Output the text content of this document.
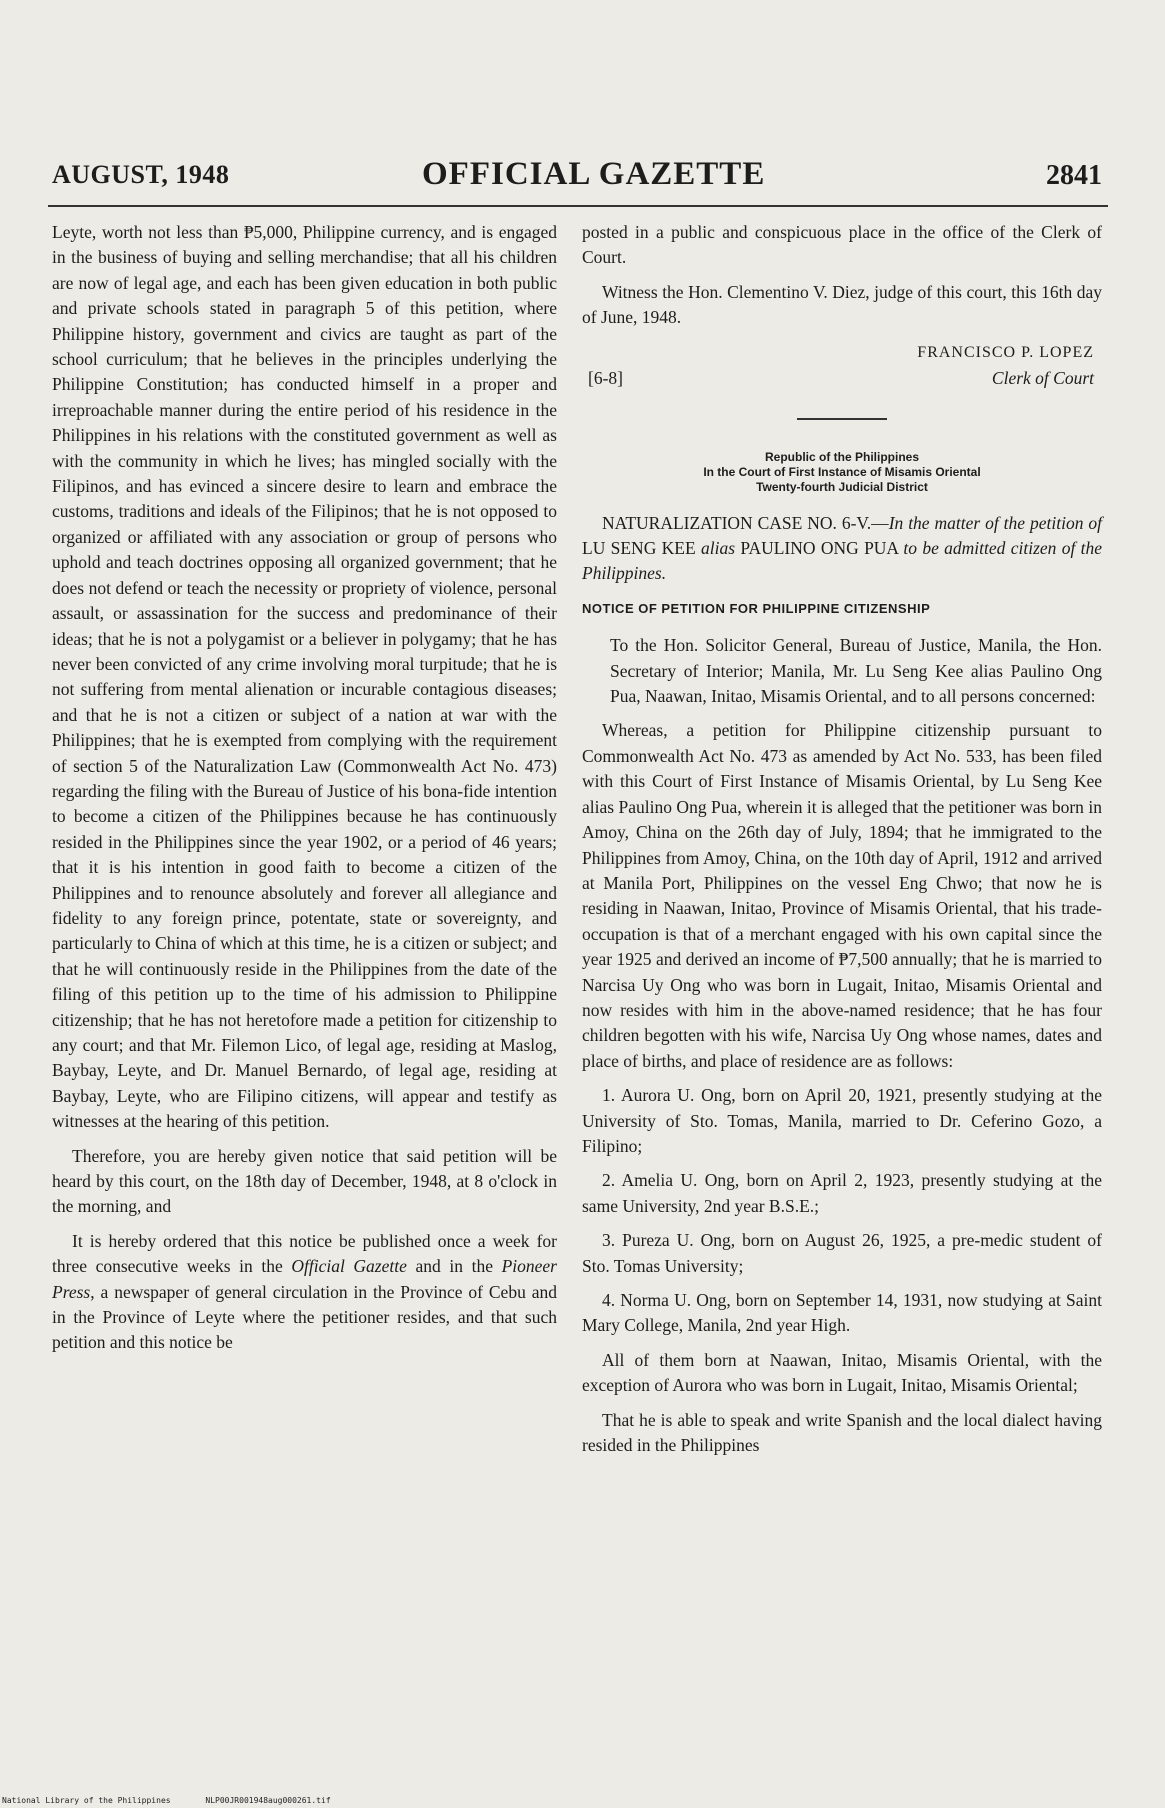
AUGUST, 1948	OFFICIAL GAZETTE	2841

Leyte, worth not less than ₱5,000, Philippine currency, and is engaged in the business of buying and selling merchandise; that all his children are now of legal age, and each has been given education in both public and private schools stated in paragraph 5 of this petition, where Philippine history, government and civics are taught as part of the school curriculum; that he believes in the principles underlying the Philippine Constitution; has conducted himself in a proper and irreproachable manner during the entire period of his residence in the Philippines in his relations with the constituted government as well as with the community in which he lives; has mingled socially with the Filipinos, and has evinced a sincere desire to learn and embrace the customs, traditions and ideals of the Filipinos; that he is not opposed to organized or affiliated with any association or group of persons who uphold and teach doctrines opposing all organized government; that he does not defend or teach the necessity or propriety of violence, personal assault, or assassination for the success and predominance of their ideas; that he is not a polygamist or a believer in polygamy; that he has never been convicted of any crime involving moral turpitude; that he is not suffering from mental alienation or incurable contagious diseases; and that he is not a citizen or subject of a nation at war with the Philippines; that he is exempted from complying with the requirement of section 5 of the Naturalization Law (Commonwealth Act No. 473) regarding the filing with the Bureau of Justice of his bona-fide intention to become a citizen of the Philippines because he has continuously resided in the Philippines since the year 1902, or a period of 46 years; that it is his intention in good faith to become a citizen of the Philippines and to renounce absolutely and forever all allegiance and fidelity to any foreign prince, potentate, state or sovereignty, and particularly to China of which at this time, he is a citizen or subject; and that he will continuously reside in the Philippines from the date of the filing of this petition up to the time of his admission to Philippine citizenship; that he has not heretofore made a petition for citizenship to any court; and that Mr. Filemon Lico, of legal age, residing at Maslog, Baybay, Leyte, and Dr. Manuel Bernardo, of legal age, residing at Baybay, Leyte, who are Filipino citizens, will appear and testify as witnesses at the hearing of this petition.

Therefore, you are hereby given notice that said petition will be heard by this court, on the 18th day of December, 1948, at 8 o'clock in the morning, and

It is hereby ordered that this notice be published once a week for three consecutive weeks in the Official Gazette and in the Pioneer Press, a newspaper of general circulation in the Province of Cebu and in the Province of Leyte where the petitioner resides, and that such petition and this notice be

posted in a public and conspicuous place in the office of the Clerk of Court.

Witness the Hon. Clementino V. Diez, judge of this court, this 16th day of June, 1948.

FRANCISCO P. LOPEZ
[6-8]	Clerk of Court
Republic of the Philippines
In the Court of First Instance of Misamis Oriental
Twenty-fourth Judicial District

NATURALIZATION CASE NO. 6-V.—In the matter of the petition of LU SENG KEE alias PAULINO ONG PUA to be admitted citizen of the Philippines.

NOTICE OF PETITION FOR PHILIPPINE CITIZENSHIP

To the Hon. Solicitor General, Bureau of Justice, Manila, the Hon. Secretary of Interior; Manila, Mr. Lu Seng Kee alias Paulino Ong Pua, Naawan, Initao, Misamis Oriental, and to all persons concerned:

Whereas, a petition for Philippine citizenship pursuant to Commonwealth Act No. 473 as amended by Act No. 533, has been filed with this Court of First Instance of Misamis Oriental, by Lu Seng Kee alias Paulino Ong Pua, wherein it is alleged that the petitioner was born in Amoy, China on the 26th day of July, 1894; that he immigrated to the Philippines from Amoy, China, on the 10th day of April, 1912 and arrived at Manila Port, Philippines on the vessel Eng Chwo; that now he is residing in Naawan, Initao, Province of Misamis Oriental, that his trade-occupation is that of a merchant engaged with his own capital since the year 1925 and derived an income of ₱7,500 annually; that he is married to Narcisa Uy Ong who was born in Lugait, Initao, Misamis Oriental and now resides with him in the above-named residence; that he has four children begotten with his wife, Narcisa Uy Ong whose names, dates and place of births, and place of residence are as follows:

1. Aurora U. Ong, born on April 20, 1921, presently studying at the University of Sto. Tomas, Manila, married to Dr. Ceferino Gozo, a Filipino;

2. Amelia U. Ong, born on April 2, 1923, presently studying at the same University, 2nd year B.S.E.;

3. Pureza U. Ong, born on August 26, 1925, a pre-medic student of Sto. Tomas University;

4. Norma U. Ong, born on September 14, 1931, now studying at Saint Mary College, Manila, 2nd year High.

All of them born at Naawan, Initao, Misamis Oriental, with the exception of Aurora who was born in Lugait, Initao, Misamis Oriental;

That he is able to speak and write Spanish and the local dialect having resided in the Philippines

National Library of the Philippines	NLP00JR001948aug000261.tif
